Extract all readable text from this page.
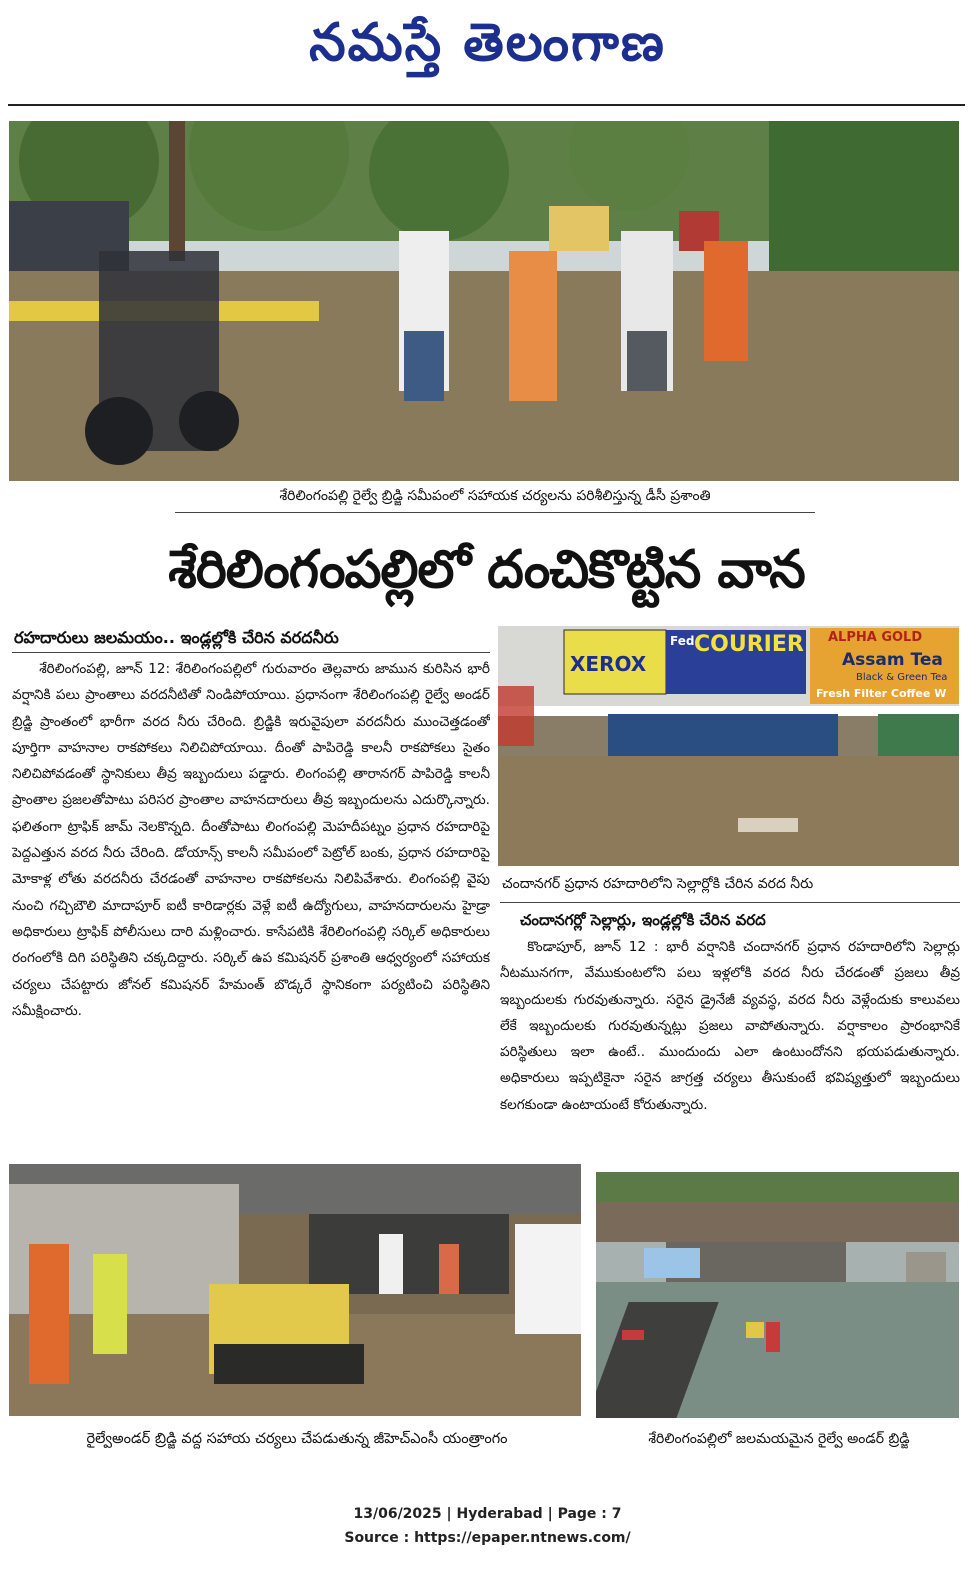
నమస్తే తెలంగాణ
శేరిలింగంపల్లి రైల్వే బ్రిడ్జి సమీపంలో సహాయక చర్యలను పరిశీలిస్తున్న డీసీ ప్రశాంతి
శేరిలింగంపల్లిలో దంచికొట్టిన వాన
రహదారులు జలమయం.. ఇండ్లల్లోకి చేరిన వరదనీరు
శేరిలింగంపల్లి, జూన్ 12: శేరిలింగంపల్లిలో గురువారం తెల్లవారు జామున కురిసిన భారీ వర్షానికి పలు ప్రాంతాలు వరదనీటితో నిండిపోయాయి. ప్రధానంగా శేరిలింగంపల్లి రైల్వే అండర్ బ్రిడ్జి ప్రాంతంలో భారీగా వరద నీరు చేరింది. బ్రిడ్జికి ఇరువైపులా వరదనీరు ముంచెత్తడంతో పూర్తిగా వాహనాల రాకపోకలు నిలిచిపోయాయి. దీంతో పాపిరెడ్డి కాలనీ రాకపోకలు సైతం నిలిచిపోవడంతో స్థానికులు తీవ్ర ఇబ్బందులు పడ్డారు. లింగంపల్లి తారానగర్ పాపిరెడ్డి కాలనీ ప్రాంతాల ప్రజలతోపాటు పరిసర ప్రాంతాల వాహనదారులు తీవ్ర ఇబ్బందులను ఎదుర్కొన్నారు. ఫలితంగా ట్రాఫిక్ జామ్ నెలకొన్నది. దీంతోపాటు లింగంపల్లి మెహదీపట్నం ప్రధాన రహదారిపై పెద్దఎత్తున వరద నీరు చేరింది. డోయాన్స్ కాలనీ సమీపంలో పెట్రోల్ బంకు, ప్రధాన రహదారిపై మోకాళ్ల లోతు వరదనీరు చేరడంతో వాహనాల రాకపోకలను నిలిపివేశారు. లింగంపల్లి వైపు నుంచి గచ్చిబౌలి మాదాపూర్ ఐటీ కారిడార్లకు వెళ్లే ఐటీ ఉద్యోగులు, వాహనదారులను హైడ్రా అధికారులు ట్రాఫిక్ పోలీసులు దారి మళ్లించారు. కాసేపటికి శేరిలింగంపల్లి సర్కిల్ అధికారులు రంగంలోకి దిగి పరిస్థితిని చక్కదిద్దారు. సర్కిల్ ఉప కమిషనర్ ప్రశాంతి ఆధ్వర్యంలో సహాయక చర్యలు చేపట్టారు జోనల్ కమిషనర్ హేమంత్ బొడ్కరే స్థానికంగా పర్యటించి పరిస్థితిని సమీక్షించారు.
XEROX
Fed COURIER ALPHA GOLD
Assam Tea
Black & Green Tea
Fresh Filter Coffee W
చందానగర్ ప్రధాన రహదారిలోని సెల్లార్లోకి చేరిన వరద నీరు
చందానగర్లో సెల్లార్లు, ఇండ్లల్లోకి చేరిన వరద
కొండాపూర్, జూన్ 12 : భారీ వర్షానికి చందానగర్ ప్రధాన రహదారిలోని సెల్లార్లు నీటమునగగా, వేముకుంటలోని పలు ఇళ్లలోకి వరద నీరు చేరడంతో ప్రజలు తీవ్ర ఇబ్బందులకు గురవుతున్నారు. సరైన డ్రైనేజీ వ్యవస్థ, వరద నీరు వెళ్లేందుకు కాలువలు లేకే ఇబ్బందులకు గురవుతున్నట్లు ప్రజలు వాపోతున్నారు. వర్షాకాలం ప్రారంభానికే పరిస్థితులు ఇలా ఉంటే.. ముందుందు ఎలా ఉంటుందోనని భయపడుతున్నారు. అధికారులు ఇప్పటికైనా సరైన జాగ్రత్త చర్యలు తీసుకుంటే భవిష్యత్తులో ఇబ్బందులు కలగకుండా ఉంటాయంటే కోరుతున్నారు.
రైల్వేఅండర్ బ్రిడ్జి వద్ద సహాయ చర్యలు చేపడుతున్న జీహెచ్ఎంసీ యంత్రాంగం	శేరిలింగంపల్లిలో జలమయమైన రైల్వే అండర్ బ్రిడ్జి
13/06/2025 | Hyderabad | Page : 7
Source : https://epaper.ntnews.com/
